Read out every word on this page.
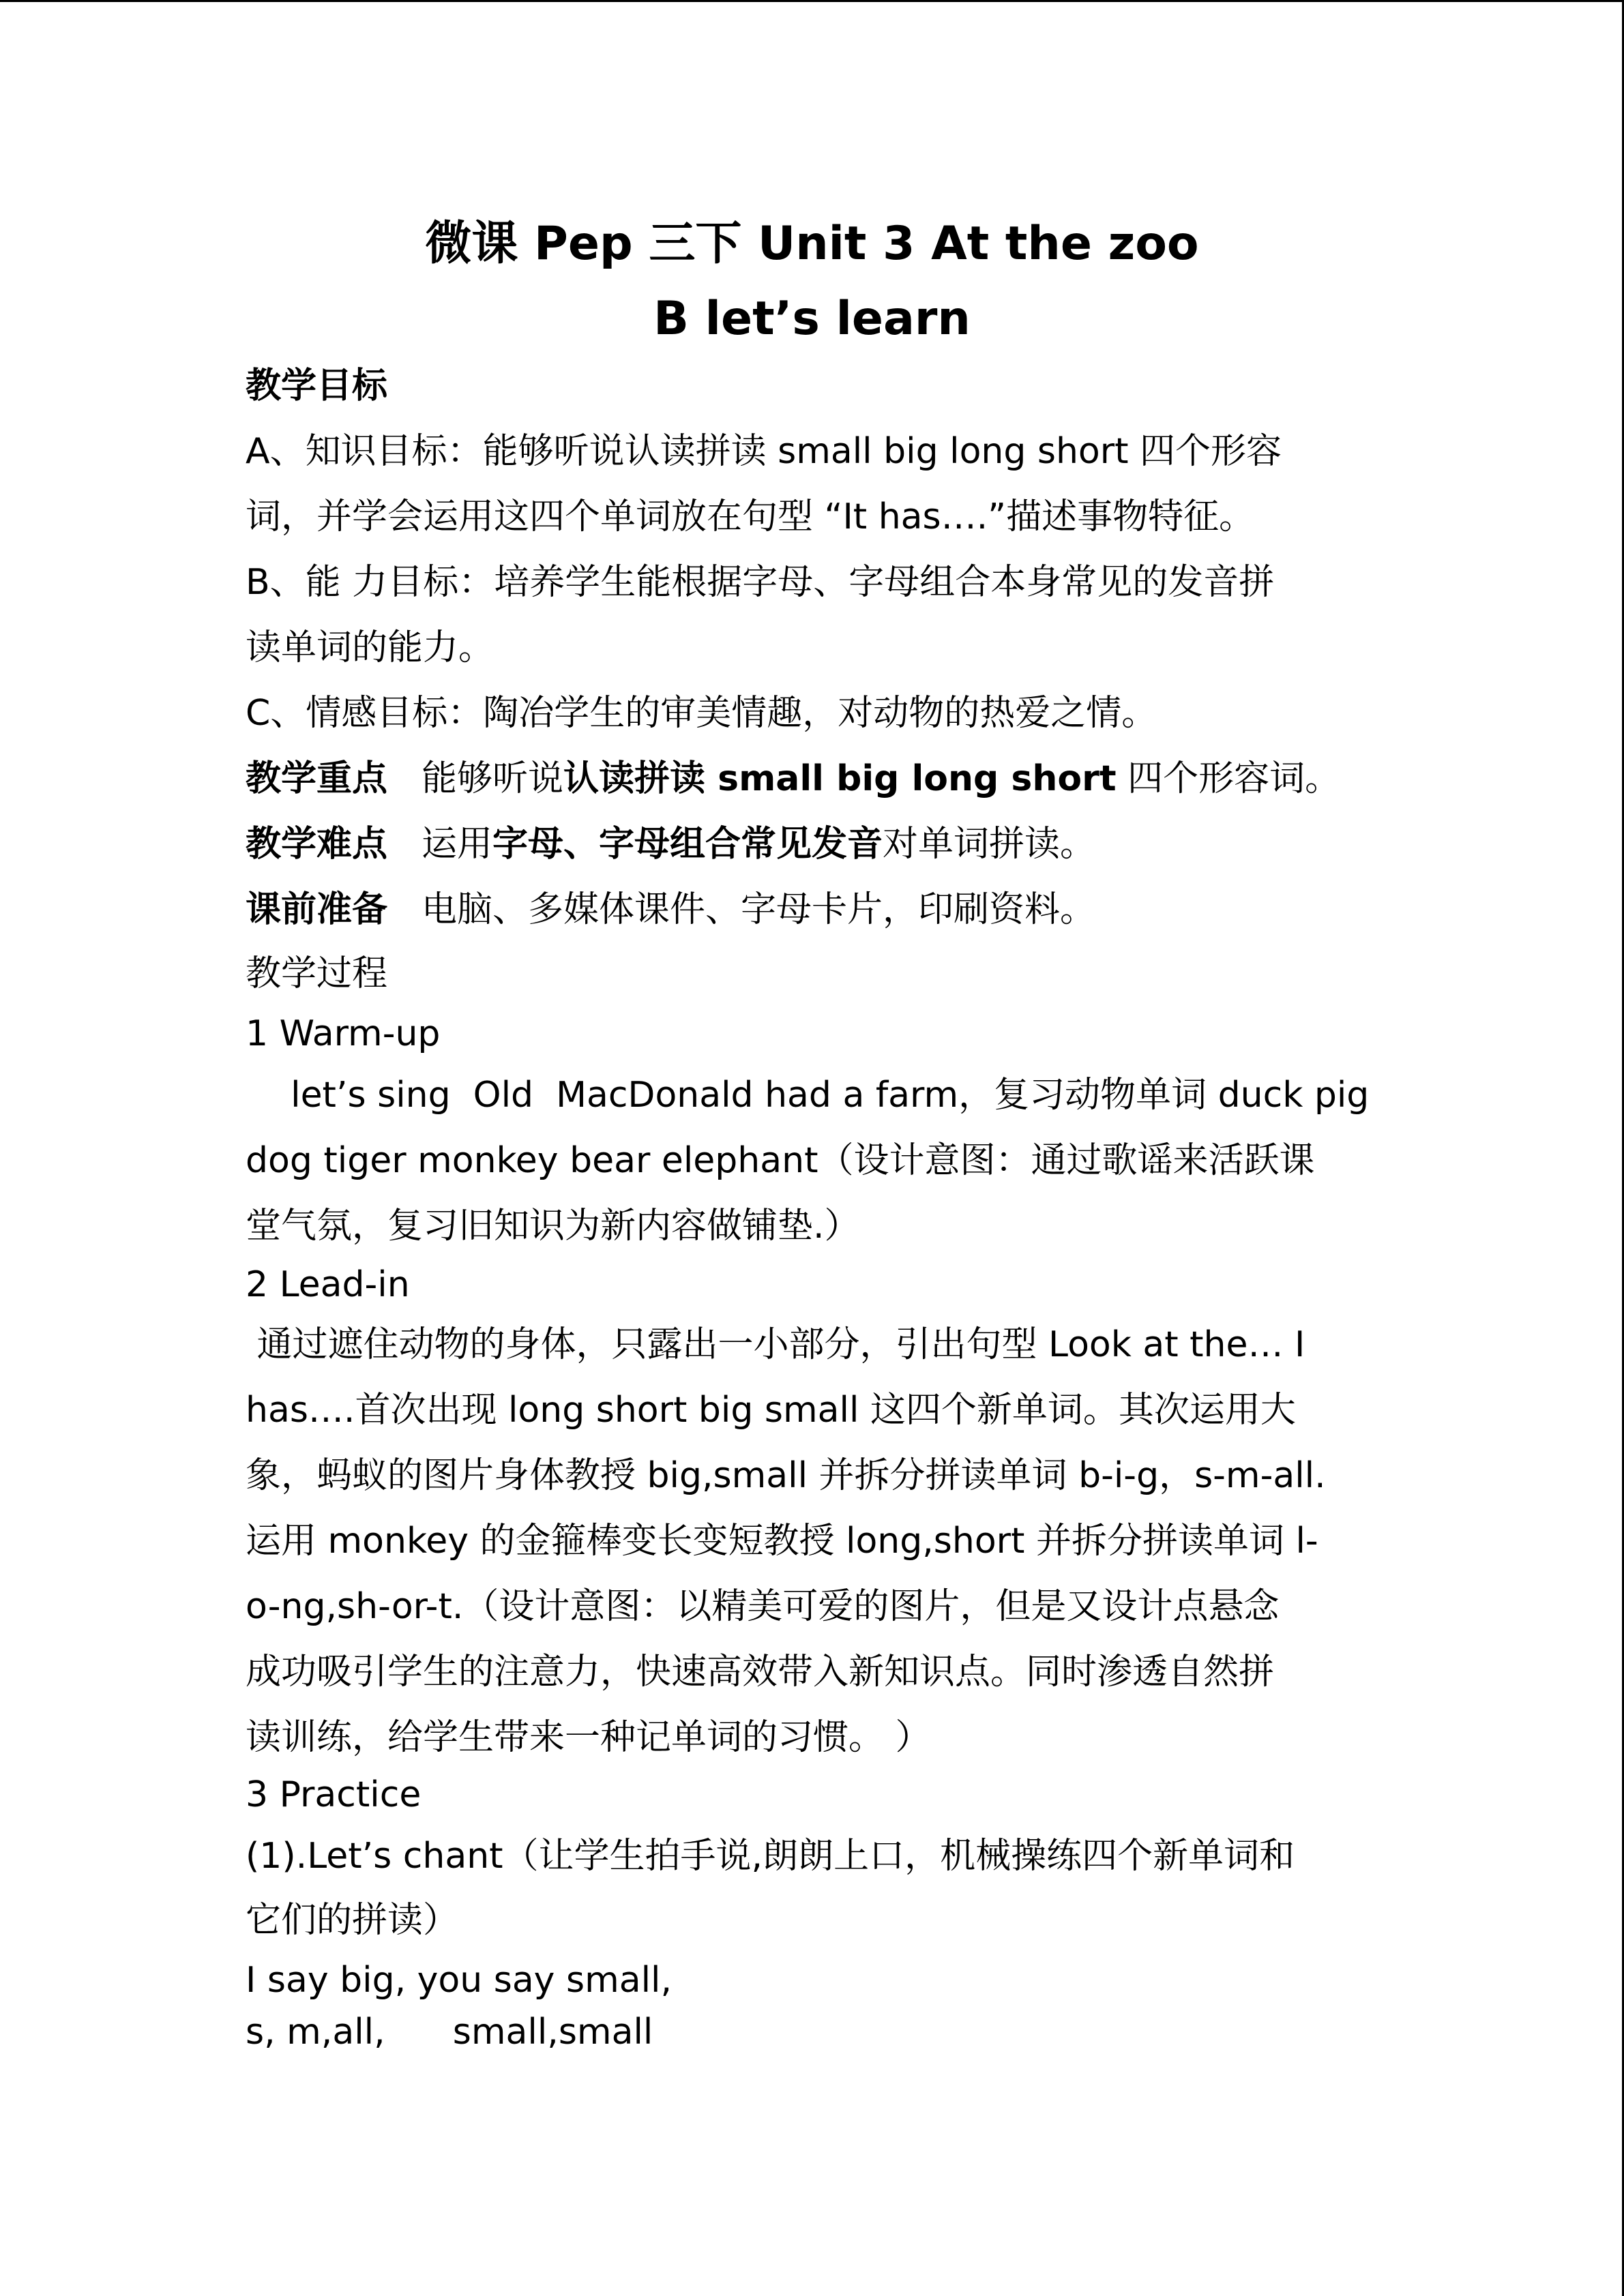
微课 Pep 三下 Unit 3 At the zoo
B let’s learn
教学目标
A、知识目标：能够听说认读拼读 small big long short 四个形容
词，并学会运用这四个单词放在句型 “It has….”描述事物特征。
B、能 力目标：培养学生能根据字母、字母组合本身常见的发音拼
读单词的能力。
C、情感目标：陶冶学生的审美情趣，对动物的热爱之情。
教学重点 能够听说认读拼读 small big long short 四个形容词。
教学难点 运用字母、字母组合常见发音对单词拼读。
课前准备 电脑、多媒体课件、字母卡片，印刷资料。
教学过程
1 Warm-up
let’s sing  Old  MacDonald had a farm，复习动物单词 duck pig
dog tiger monkey bear elephant（设计意图：通过歌谣来活跃课
堂气氛，复习旧知识为新内容做铺垫.）
2 Lead-in
通过遮住动物的身体，只露出一小部分，引出句型 Look at the… I
has….首次出现 long short big small 这四个新单词。其次运用大
象，蚂蚁的图片身体教授 big,small 并拆分拼读单词 b-i-g，s-m-all.
运用 monkey 的金箍棒变长变短教授 long,short 并拆分拼读单词 l-
o-ng,sh-or-t.（设计意图：以精美可爱的图片，但是又设计点悬念
成功吸引学生的注意力，快速高效带入新知识点。同时渗透自然拼
读训练，给学生带来一种记单词的习惯。 ）
3 Practice
(1).Let’s chant（让学生拍手说,朗朗上口，机械操练四个新单词和
它们的拼读）
I say big, you say small,
s, m,all,      small,small
